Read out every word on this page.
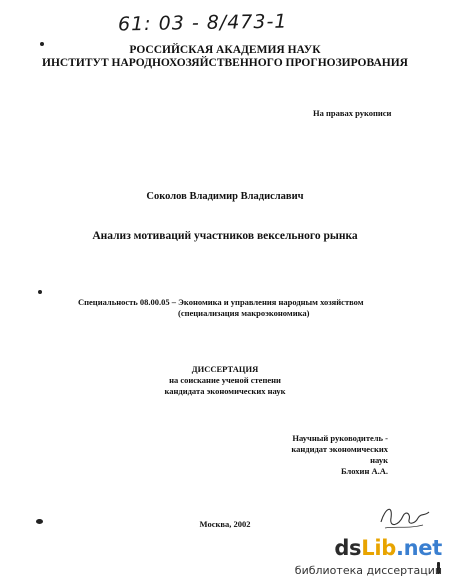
61: 03 - 8/473-1
РОССИЙСКАЯ АКАДЕМИЯ НАУК
ИНСТИТУТ НАРОДНОХОЗЯЙСТВЕННОГО ПРОГНОЗИРОВАНИЯ
На правах рукописи
Соколов Владимир Владиславич
Анализ мотиваций участников вексельного рынка
Специальность 08.00.05 – Экономика и управления народным хозяйством
(специализация макроэкономика)
ДИССЕРТАЦИЯ
на соискание ученой степени
кандидата экономических наук
Научный руководитель -
кандидат экономических наук
Блохин А.А.
Москва, 2002
dsLib.net
библиотека диссертаций
